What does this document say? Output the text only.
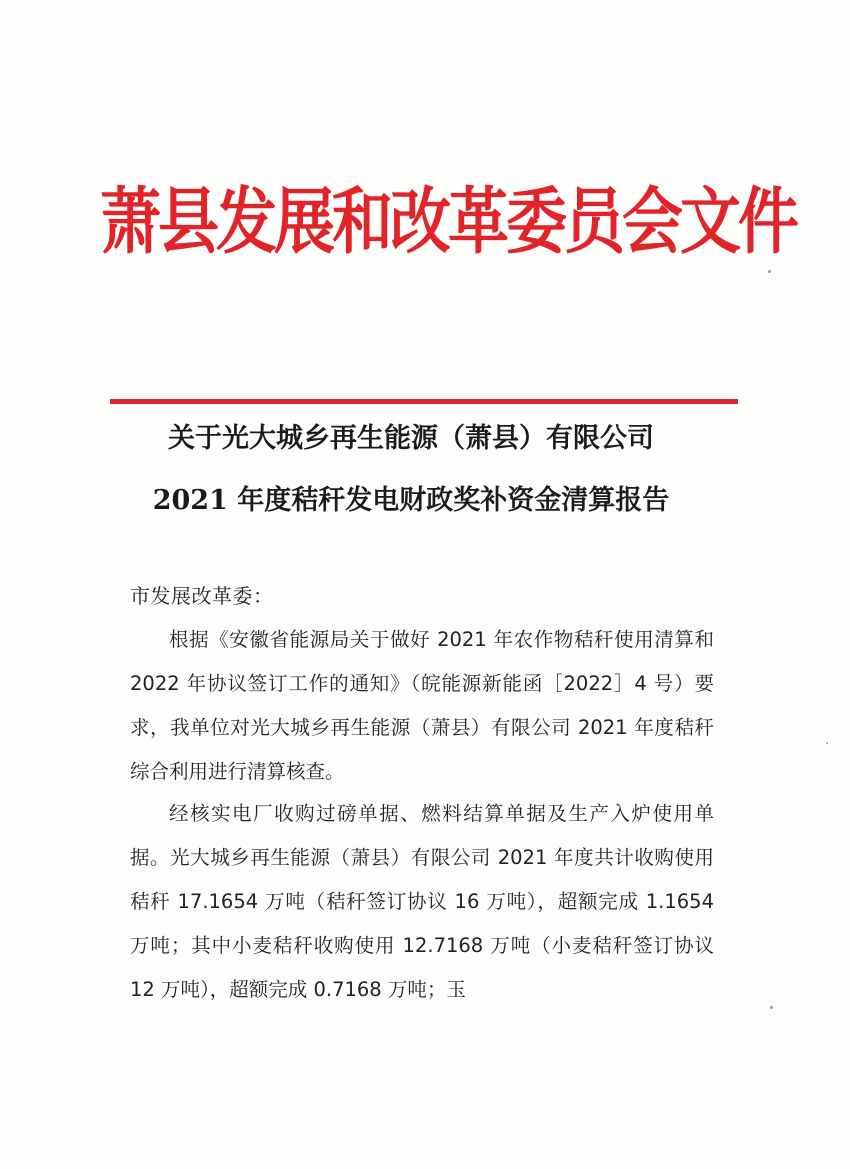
萧县发展和改革委员会文件
关于光大城乡再生能源（萧县）有限公司
2021 年度秸秆发电财政奖补资金清算报告
市发展改革委：
根据《安徽省能源局关于做好 2021 年农作物秸秆使用清算和 2022 年协议签订工作的通知》（皖能源新能函［2022］4 号）要求，我单位对光大城乡再生能源（萧县）有限公司 2021 年度秸秆综合利用进行清算核查。
经核实电厂收购过磅单据、燃料结算单据及生产入炉使用单据。光大城乡再生能源（萧县）有限公司 2021 年度共计收购使用秸秆 17.1654 万吨（秸秆签订协议 16 万吨），超额完成 1.1654 万吨；其中小麦秸秆收购使用 12.7168 万吨（小麦秸秆签订协议 12 万吨），超额完成 0.7168 万吨；玉
